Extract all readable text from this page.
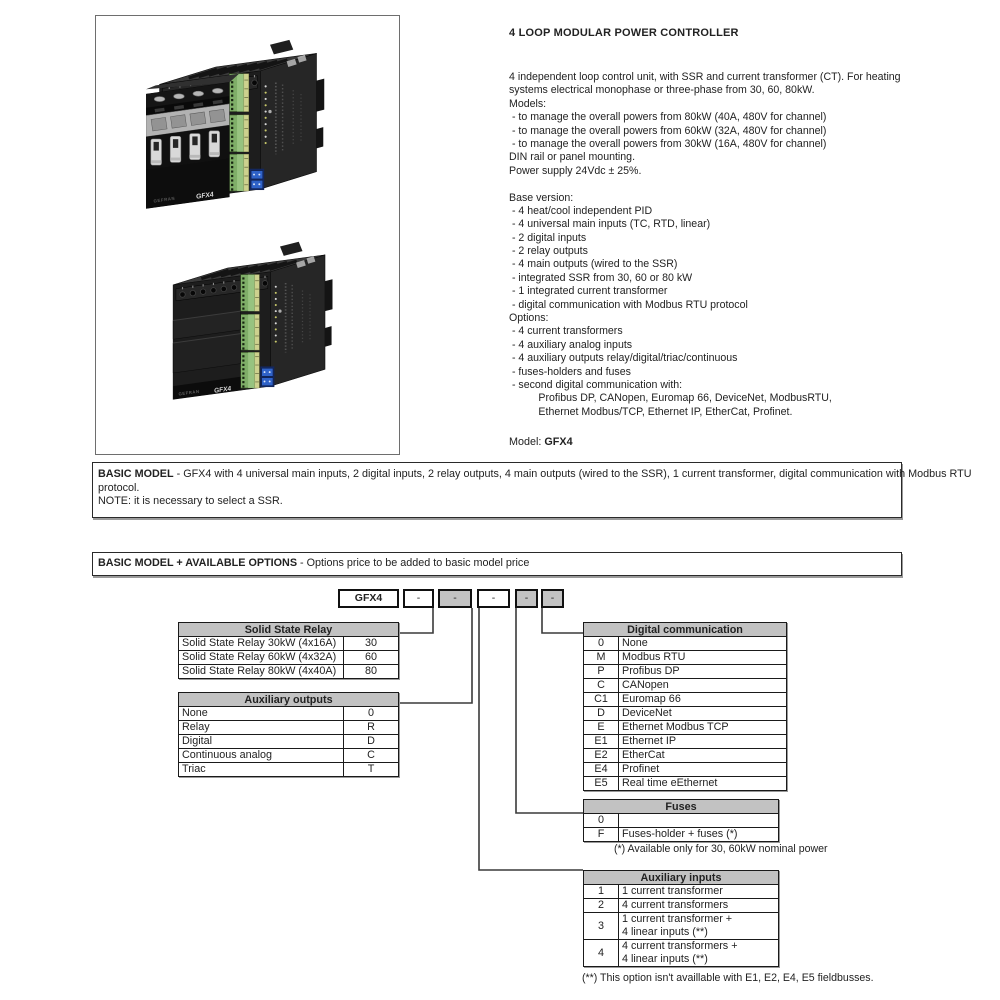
GEFRAN	GFX4
GEFRAN GFX4
4 LOOP MODULAR POWER CONTROLLER
4 independent loop control unit, with SSR and current transformer (CT). For heating
systems electrical monophase or three-phase from 30, 60, 80kW.
Models:
- to manage the overall powers from 80kW (40A, 480V for channel)
- to manage the overall powers from 60kW (32A, 480V for channel)
- to manage the overall powers from 30kW (16A, 480V for channel)
DIN rail or panel mounting.
Power supply 24Vdc ± 25%.

Base version:
- 4 heat/cool independent PID
- 4 universal main inputs (TC, RTD, linear)
- 2 digital inputs
- 2 relay outputs
- 4 main outputs (wired to the SSR)
- integrated SSR from 30, 60 or 80 kW
- 1 integrated current transformer
- digital communication with Modbus RTU protocol
Options:
- 4 current transformers
- 4 auxiliary analog inputs
- 4 auxiliary outputs relay/digital/triac/continuous
- fuses-holders and fuses
- second digital communication with:
Profibus DP, CANopen, Euromap 66, DeviceNet, ModbusRTU,
Ethernet Modbus/TCP, Ethernet IP, EtherCat, Profinet.
Model: GFX4
BASIC MODEL - GFX4 with 4 universal main inputs, 2 digital inputs, 2 relay outputs, 4 main outputs (wired to the SSR), 1 current transformer, digital communication with Modbus RTU
protocol.
NOTE: it is necessary to select a SSR.
BASIC MODEL + AVAILABLE OPTIONS - Options price to be added to basic model price
GFX4	-	-	-	-	-
Solid State Relay	
Solid State Relay 30kW (4x16A)	30
Solid State Relay 60kW (4x32A)	60
Solid State Relay 80kW (4x40A)	80
Auxiliary outputs	
None	0
Relay	R
Digital	D
Continuous analog	C
Triac	T
Digital communication	
0	None
M	Modbus RTU
P	Profibus DP
C	CANopen
C1	Euromap 66
D	DeviceNet
E	Ethernet Modbus TCP
E1	Ethernet IP
E2	EtherCat
E4	Profinet
E5	Real time eEthernet
Fuses	
0	
F	Fuses-holder + fuses (*)
(*) Available only for 30, 60kW nominal power
Auxiliary inputs	
1	1 current transformer
2	4 current transformers
3	1 current transformer +
4 linear inputs (**)

4	4 current transformers +
4 linear inputs (**)
(**) This option isn't availlable with E1, E2, E4, E5 fieldbusses.
